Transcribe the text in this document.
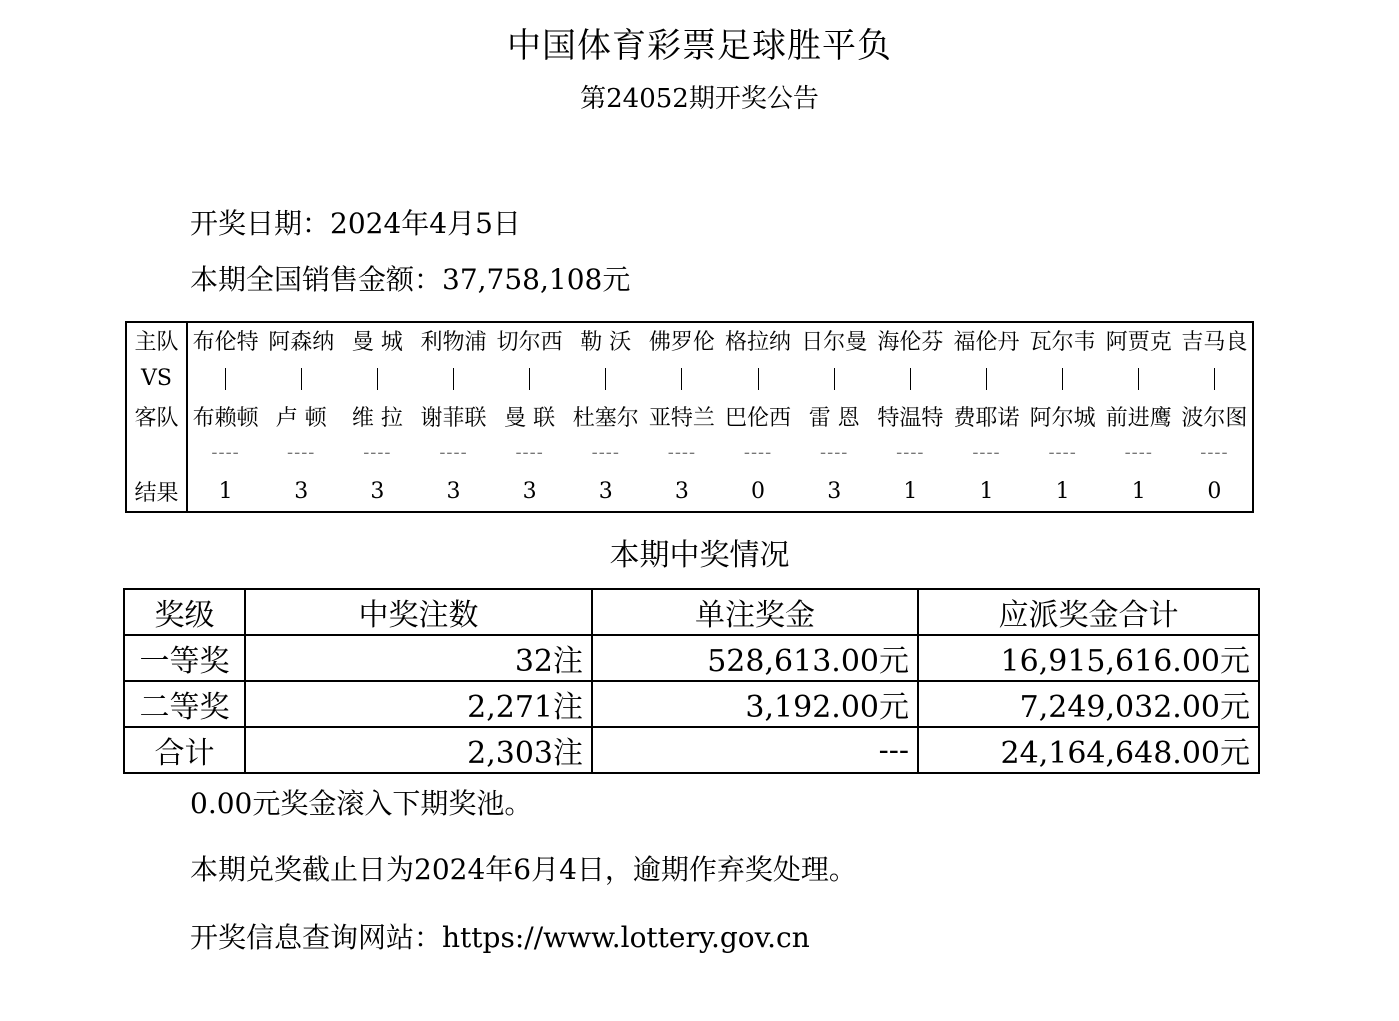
中国体育彩票足球胜平负
第24052期开奖公告
开奖日期：2024年4月5日
本期全国销售金额：37,758,108元
主队	布伦特	阿森纳	曼 城	利物浦	切尔西	勒 沃	佛罗伦	格拉纳	日尔曼	海伦芬	福伦丹	瓦尔韦	阿贾克	吉马良
VS														
客队	布赖顿	卢 顿	维 拉	谢菲联	曼 联	杜塞尔	亚特兰	巴伦西	雷 恩	特温特	费耶诺	阿尔城	前进鹰	波尔图
	----	----	----	----	----	----	----	----	----	----	----	----	----	----
结果	1	3	3	3	3	3	3	0	3	1	1	1	1	0
本期中奖情况
奖级	中奖注数	单注奖金	应派奖金合计
一等奖	32注	528,613.00元	16,915,616.00元
二等奖	2,271注	3,192.00元	7,249,032.00元
合计	2,303注	---	24,164,648.00元
0.00元奖金滚入下期奖池。
本期兑奖截止日为2024年6月4日，逾期作弃奖处理。
开奖信息查询网站：https://www.lottery.gov.cn
